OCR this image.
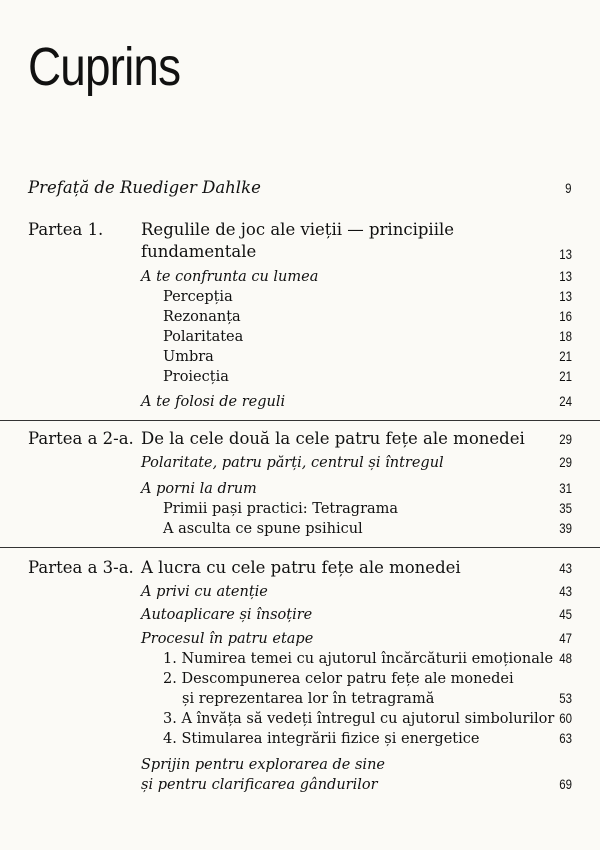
Cuprins
Prefață de Ruediger Dahlke	9
Partea 1. Regulile de joc ale vieții — principiile
fundamentale	13
A te confrunta cu lumea	13
Percepția	13
Rezonanța	16
Polaritatea	18
Umbra	21
Proiecția	21
A te folosi de reguli	24
Partea a 2-a. De la cele două la cele patru fețe ale monedei	29
Polaritate, patru părți, centrul și întregul	29
A porni la drum	31
Primii pași practici: Tetragrama	35
A asculta ce spune psihicul	39
Partea a 3-a. A lucra cu cele patru fețe ale monedei	43
A privi cu atenție	43
Autoaplicare și însoțire	45
Procesul în patru etape	47
1. Numirea temei cu ajutorul încărcăturii emoționale 48
2. Descompunerea celor patru fețe ale monedei
și reprezentarea lor în tetragramă	53
3. A învăța să vedeți întregul cu ajutorul simbolurilor 60
4. Stimularea integrării fizice și energetice	63
Sprijin pentru explorarea de sine
și pentru clarificarea gândurilor	69
